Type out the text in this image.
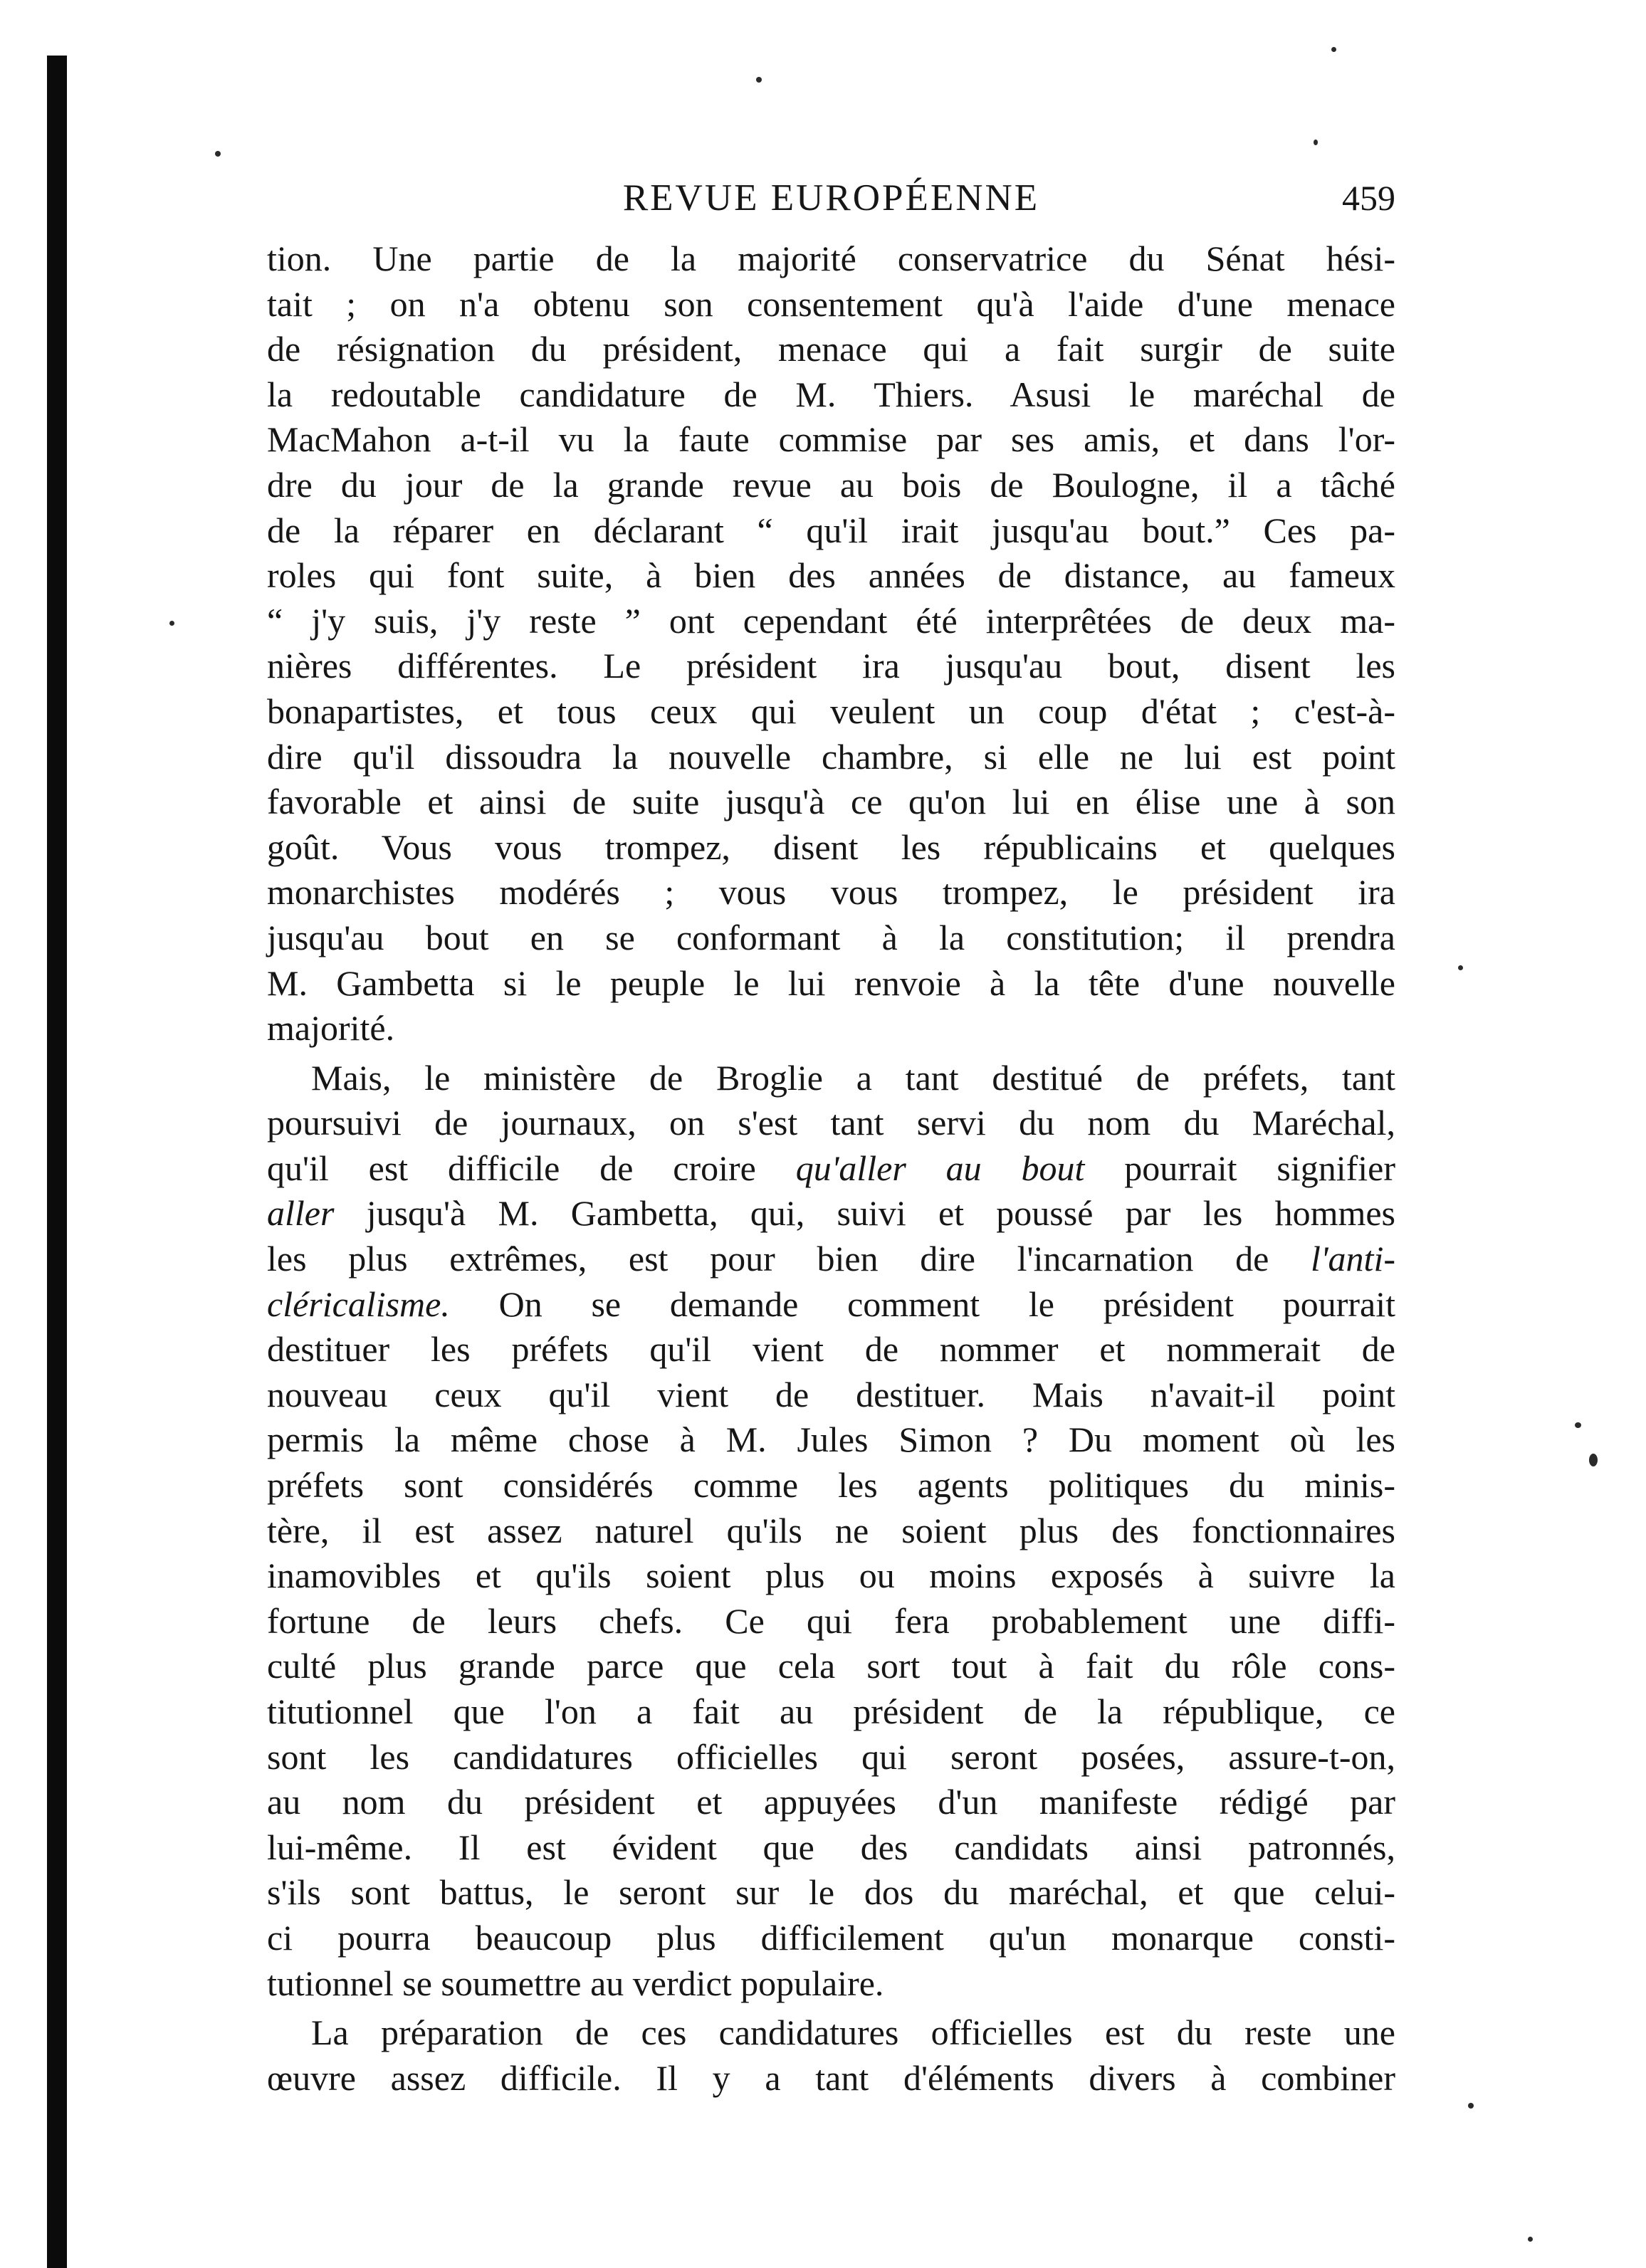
REVUE EUROPÉENNE	459
tion. Une partie de la majorité conservatrice du Sénat hési-
tait ; on n'a obtenu son consentement qu'à l'aide d'une menace
de résignation du président, menace qui a fait surgir de suite
la redoutable candidature de M. Thiers. Asusi le maréchal de
MacMahon a-t-il vu la faute commise par ses amis, et dans l'or-
dre du jour de la grande revue au bois de Boulogne, il a tâché
de la réparer en déclarant “ qu'il irait jusqu'au bout.” Ces pa-
roles qui font suite, à bien des années de distance, au fameux
“ j'y suis, j'y reste ” ont cependant été interprêtées de deux ma-
nières différentes. Le président ira jusqu'au bout, disent les
bonapartistes, et tous ceux qui veulent un coup d'état ; c'est-à-
dire qu'il dissoudra la nouvelle chambre, si elle ne lui est point
favorable et ainsi de suite jusqu'à ce qu'on lui en élise une à son
goût. Vous vous trompez, disent les républicains et quelques
monarchistes modérés ; vous vous trompez, le président ira
jusqu'au bout en se conformant à la constitution; il prendra
M. Gambetta si le peuple le lui renvoie à la tête d'une nouvelle
majorité.
Mais, le ministère de Broglie a tant destitué de préfets, tant
poursuivi de journaux, on s'est tant servi du nom du Maréchal,
qu'il est difficile de croire qu'aller au bout pourrait signifier
aller jusqu'à M. Gambetta, qui, suivi et poussé par les hommes
les plus extrêmes, est pour bien dire l'incarnation de l'anti-
cléricalisme. On se demande comment le président pourrait
destituer les préfets qu'il vient de nommer et nommerait de
nouveau ceux qu'il vient de destituer. Mais n'avait-il point
permis la même chose à M. Jules Simon ? Du moment où les
préfets sont considérés comme les agents politiques du minis-
tère, il est assez naturel qu'ils ne soient plus des fonctionnaires
inamovibles et qu'ils soient plus ou moins exposés à suivre la
fortune de leurs chefs. Ce qui fera probablement une diffi-
culté plus grande parce que cela sort tout à fait du rôle cons-
titutionnel que l'on a fait au président de la république, ce
sont les candidatures officielles qui seront posées, assure-t-on,
au nom du président et appuyées d'un manifeste rédigé par
lui-même. Il est évident que des candidats ainsi patronnés,
s'ils sont battus, le seront sur le dos du maréchal, et que celui-
ci pourra beaucoup plus difficilement qu'un monarque consti-
tutionnel se soumettre au verdict populaire.
La préparation de ces candidatures officielles est du reste une
œuvre assez difficile. Il y a tant d'éléments divers à combiner
